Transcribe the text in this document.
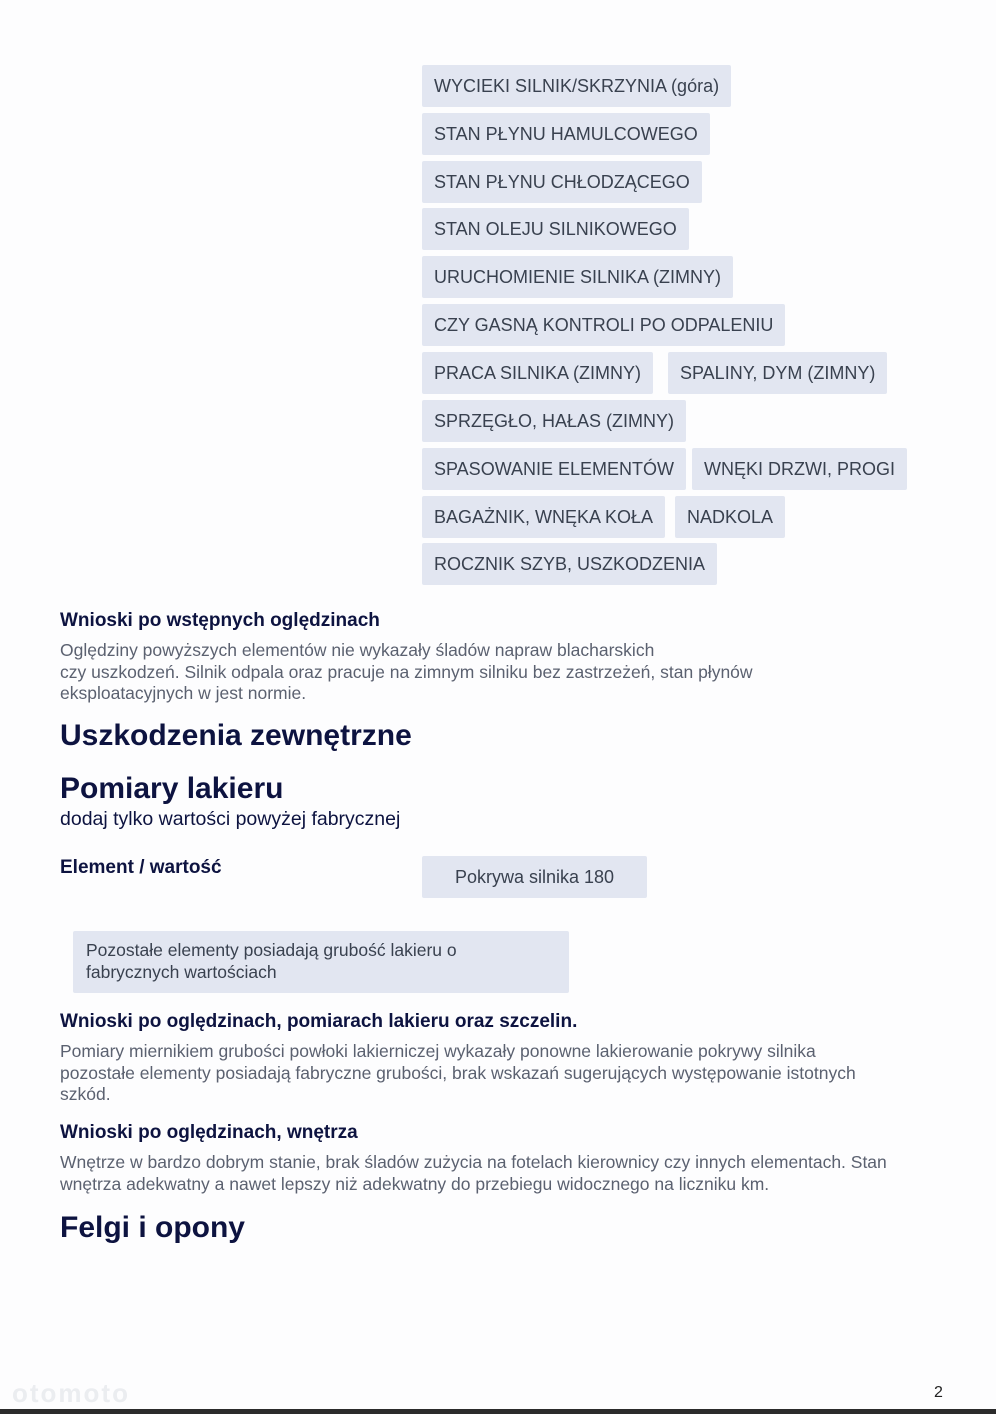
WYCIEKI SILNIK/SKRZYNIA (góra)
STAN PŁYNU HAMULCOWEGO
STAN PŁYNU CHŁODZĄCEGO
STAN OLEJU SILNIKOWEGO
URUCHOMIENIE SILNIKA (ZIMNY)
CZY GASNĄ KONTROLI PO ODPALENIU
PRACA SILNIKA (ZIMNY)	SPALINY, DYM (ZIMNY)
SPRZĘGŁO, HAŁAS (ZIMNY)
SPASOWANIE ELEMENTÓW	WNĘKI DRZWI, PROGI
BAGAŻNIK, WNĘKA KOŁA	NADKOLA
ROCZNIK SZYB, USZKODZENIA
Wnioski po wstępnych oględzinach
Oględziny powyższych elementów nie wykazały śladów napraw blacharskich
czy uszkodzeń. Silnik odpala oraz pracuje na zimnym silniku bez zastrzeżeń, stan płynów
eksploatacyjnych w jest normie.
Uszkodzenia zewnętrzne
Pomiary lakieru
dodaj tylko wartości powyżej fabrycznej
Element / wartość	Pokrywa silnika 180
Pozostałe elementy posiadają grubość lakieru o
fabrycznych wartościach
Wnioski po oględzinach, pomiarach lakieru oraz szczelin.
Pomiary miernikiem grubości powłoki lakierniczej wykazały ponowne lakierowanie pokrywy silnika
pozostałe elementy posiadają fabryczne grubości, brak wskazań sugerujących występowanie istotnych
szkód.
Wnioski po oględzinach, wnętrza
Wnętrze w bardzo dobrym stanie, brak śladów zużycia na fotelach kierownicy czy innych elementach. Stan
wnętrza adekwatny a nawet lepszy niż adekwatny do przebiegu widocznego na liczniku km.
Felgi i opony
otomoto	2
